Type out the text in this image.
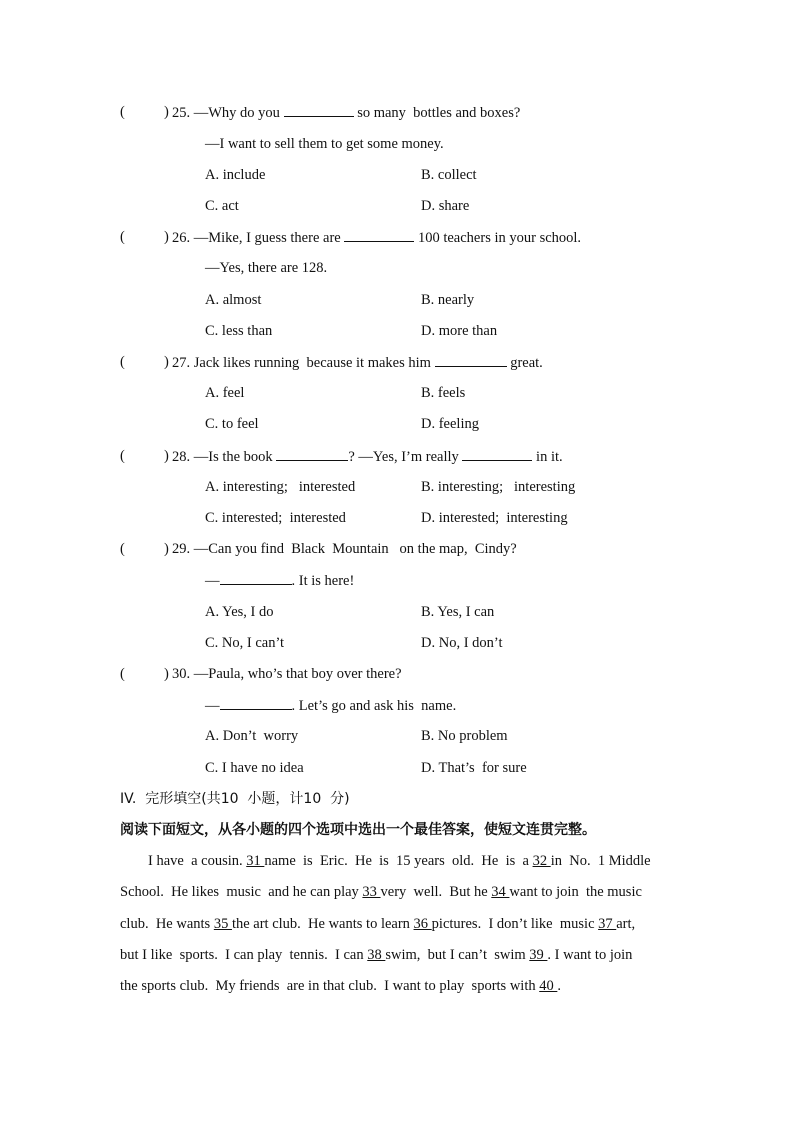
(	) 25. —Why do you	so many  bottles and boxes?
—I want to sell them to get some money.
A. include	B. collect
C. act	D. share
(	) 26. —Mike, I guess there are	100 teachers in your school.
—Yes, there are 128.
A. almost	B. nearly
C. less than	D. more than
(	) 27. Jack likes running  because it makes him	great.
A. feel	B. feels
C. to feel	D. feeling
(	) 28. —Is the book	? —Yes, I’m really	in it.
A. interesting;   interested	B. interesting;   interesting
C. interested;  interested	D. interested;  interesting
(	) 29. —Can you find  Black  Mountain   on the map,  Cindy?
—	. It is here!
A. Yes, I do	B. Yes, I can
C. No, I can’t	D. No, I don’t
(	) 30. —Paula, who’s that boy over there?
—	. Let’s go and ask his  name.
A. Don’t  worry	B. No problem
C. I have no idea	D. That’s  for sure
IV.  完形填空(共10  小题，计10  分)
阅读下面短文，从各小题的四个选项中选出一个最佳答案，使短文连贯完整。
I have  a cousin. 31 name  is  Eric.  He  is  15 years  old.  He  is  a 32 in  No.  1 Middle
School.  He likes  music  and he can play 33 very  well.  But he 34 want to join  the music
club.  He wants 35 the art club.  He wants to learn 36 pictures.  I don’t like  music 37 art,
but I like  sports.  I can play  tennis.  I can 38 swim,  but I can’t  swim 39 . I want to join
the sports club.  My friends  are in that club.  I want to play  sports with 40 .
